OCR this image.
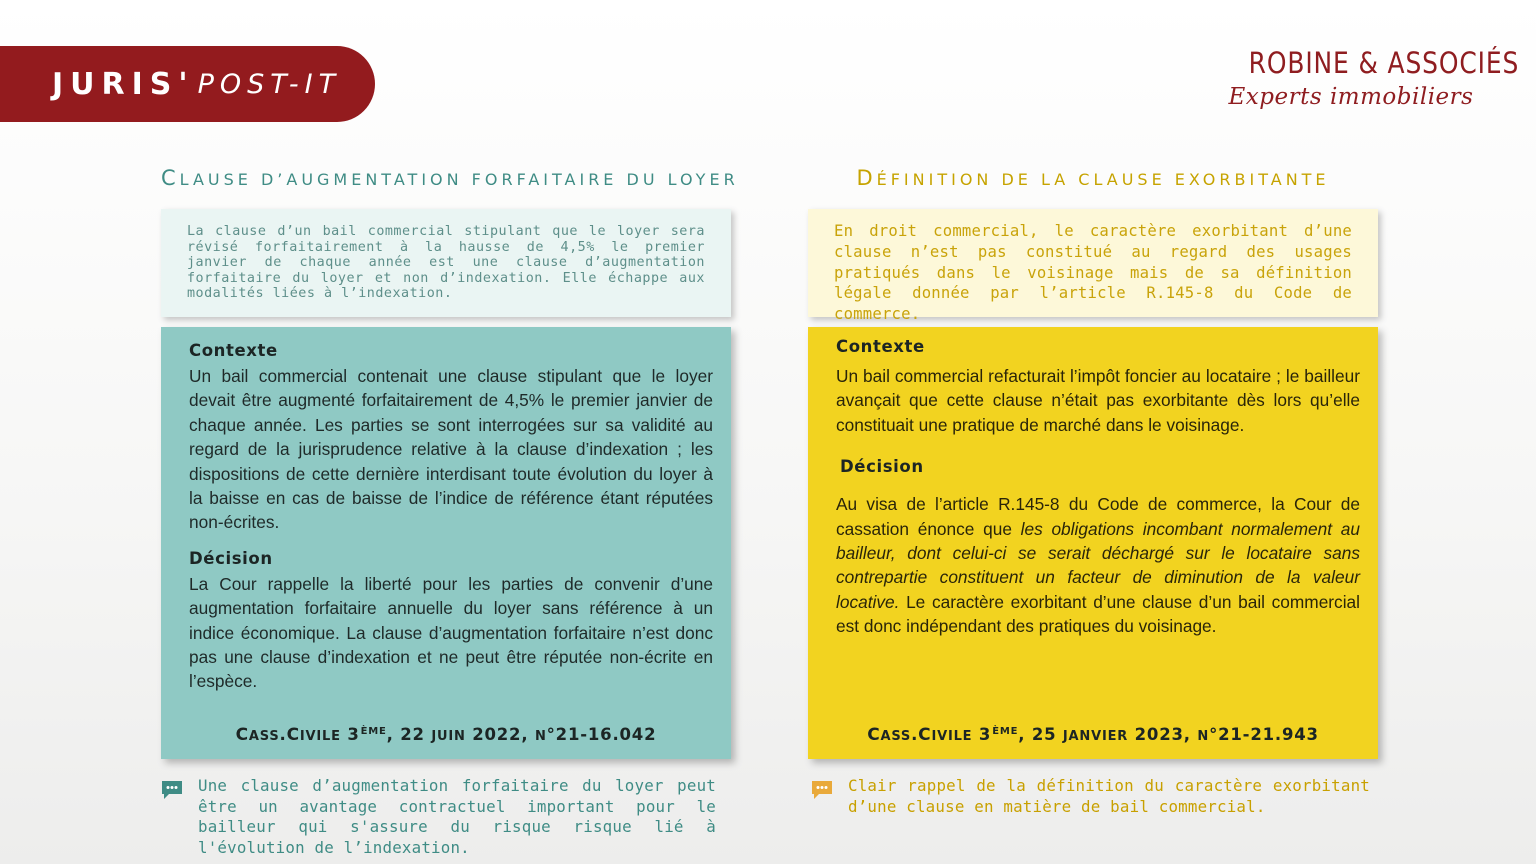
JURIS' POST-IT
ROBINE & ASSOCIÉS
Experts immobiliers
CLAUSE D’AUGMENTATION FORFAITAIRE DU LOYER
La clause d’un bail commercial stipulant que le loyer sera révisé forfaitairement à la hausse de 4,5% le premier janvier de chaque année est une clause d’augmentation forfaitaire du loyer et non d’indexation. Elle échappe aux modalités liées à l’indexation.
Contexte
Un bail commercial contenait une clause stipulant que le loyer devait être augmenté forfaitairement de 4,5% le premier janvier de chaque année. Les parties se sont interrogées sur sa validité au regard de la jurisprudence relative à la clause d’indexation ; les dispositions de cette dernière interdisant toute évolution du loyer à la baisse en cas de baisse de l’indice de référence étant réputées non-écrites.
Décision
La Cour rappelle la liberté pour les parties de convenir d’une augmentation forfaitaire annuelle du loyer sans référence à un indice économique. La clause d’augmentation forfaitaire n’est donc pas une clause d’indexation et ne peut être réputée non-écrite en l’espèce.
CASS.CIVILE 3ÈME, 22 JUIN 2022, N°21-16.042
Une clause d’augmentation forfaitaire du loyer peut être un avantage contractuel important pour le bailleur qui s'assure du risque risque lié à l'évolution de l’indexation.
DÉFINITION DE LA CLAUSE EXORBITANTE
En droit commercial, le caractère exorbitant d’une clause n’est pas constitué au regard des usages pratiqués dans le voisinage mais de sa définition légale donnée par l’article R.145-8 du Code de commerce.
Contexte
Un bail commercial refacturait l’impôt foncier au locataire ; le bailleur avançait que cette clause n’était pas exorbitante dès lors qu’elle constituait une pratique de marché dans le voisinage.
Décision
Au visa de l’article R.145-8 du Code de commerce, la Cour de cassation énonce que les obligations incombant normalement au bailleur, dont celui-ci se serait déchargé sur le locataire sans contrepartie constituent un facteur de diminution de la valeur locative. Le caractère exorbitant d’une clause d’un bail commercial est donc indépendant des pratiques du voisinage.
CASS.CIVILE 3ÈME, 25 JANVIER 2023, N°21-21.943
Clair rappel de la définition du caractère exorbitant d’une clause en matière de bail commercial.
